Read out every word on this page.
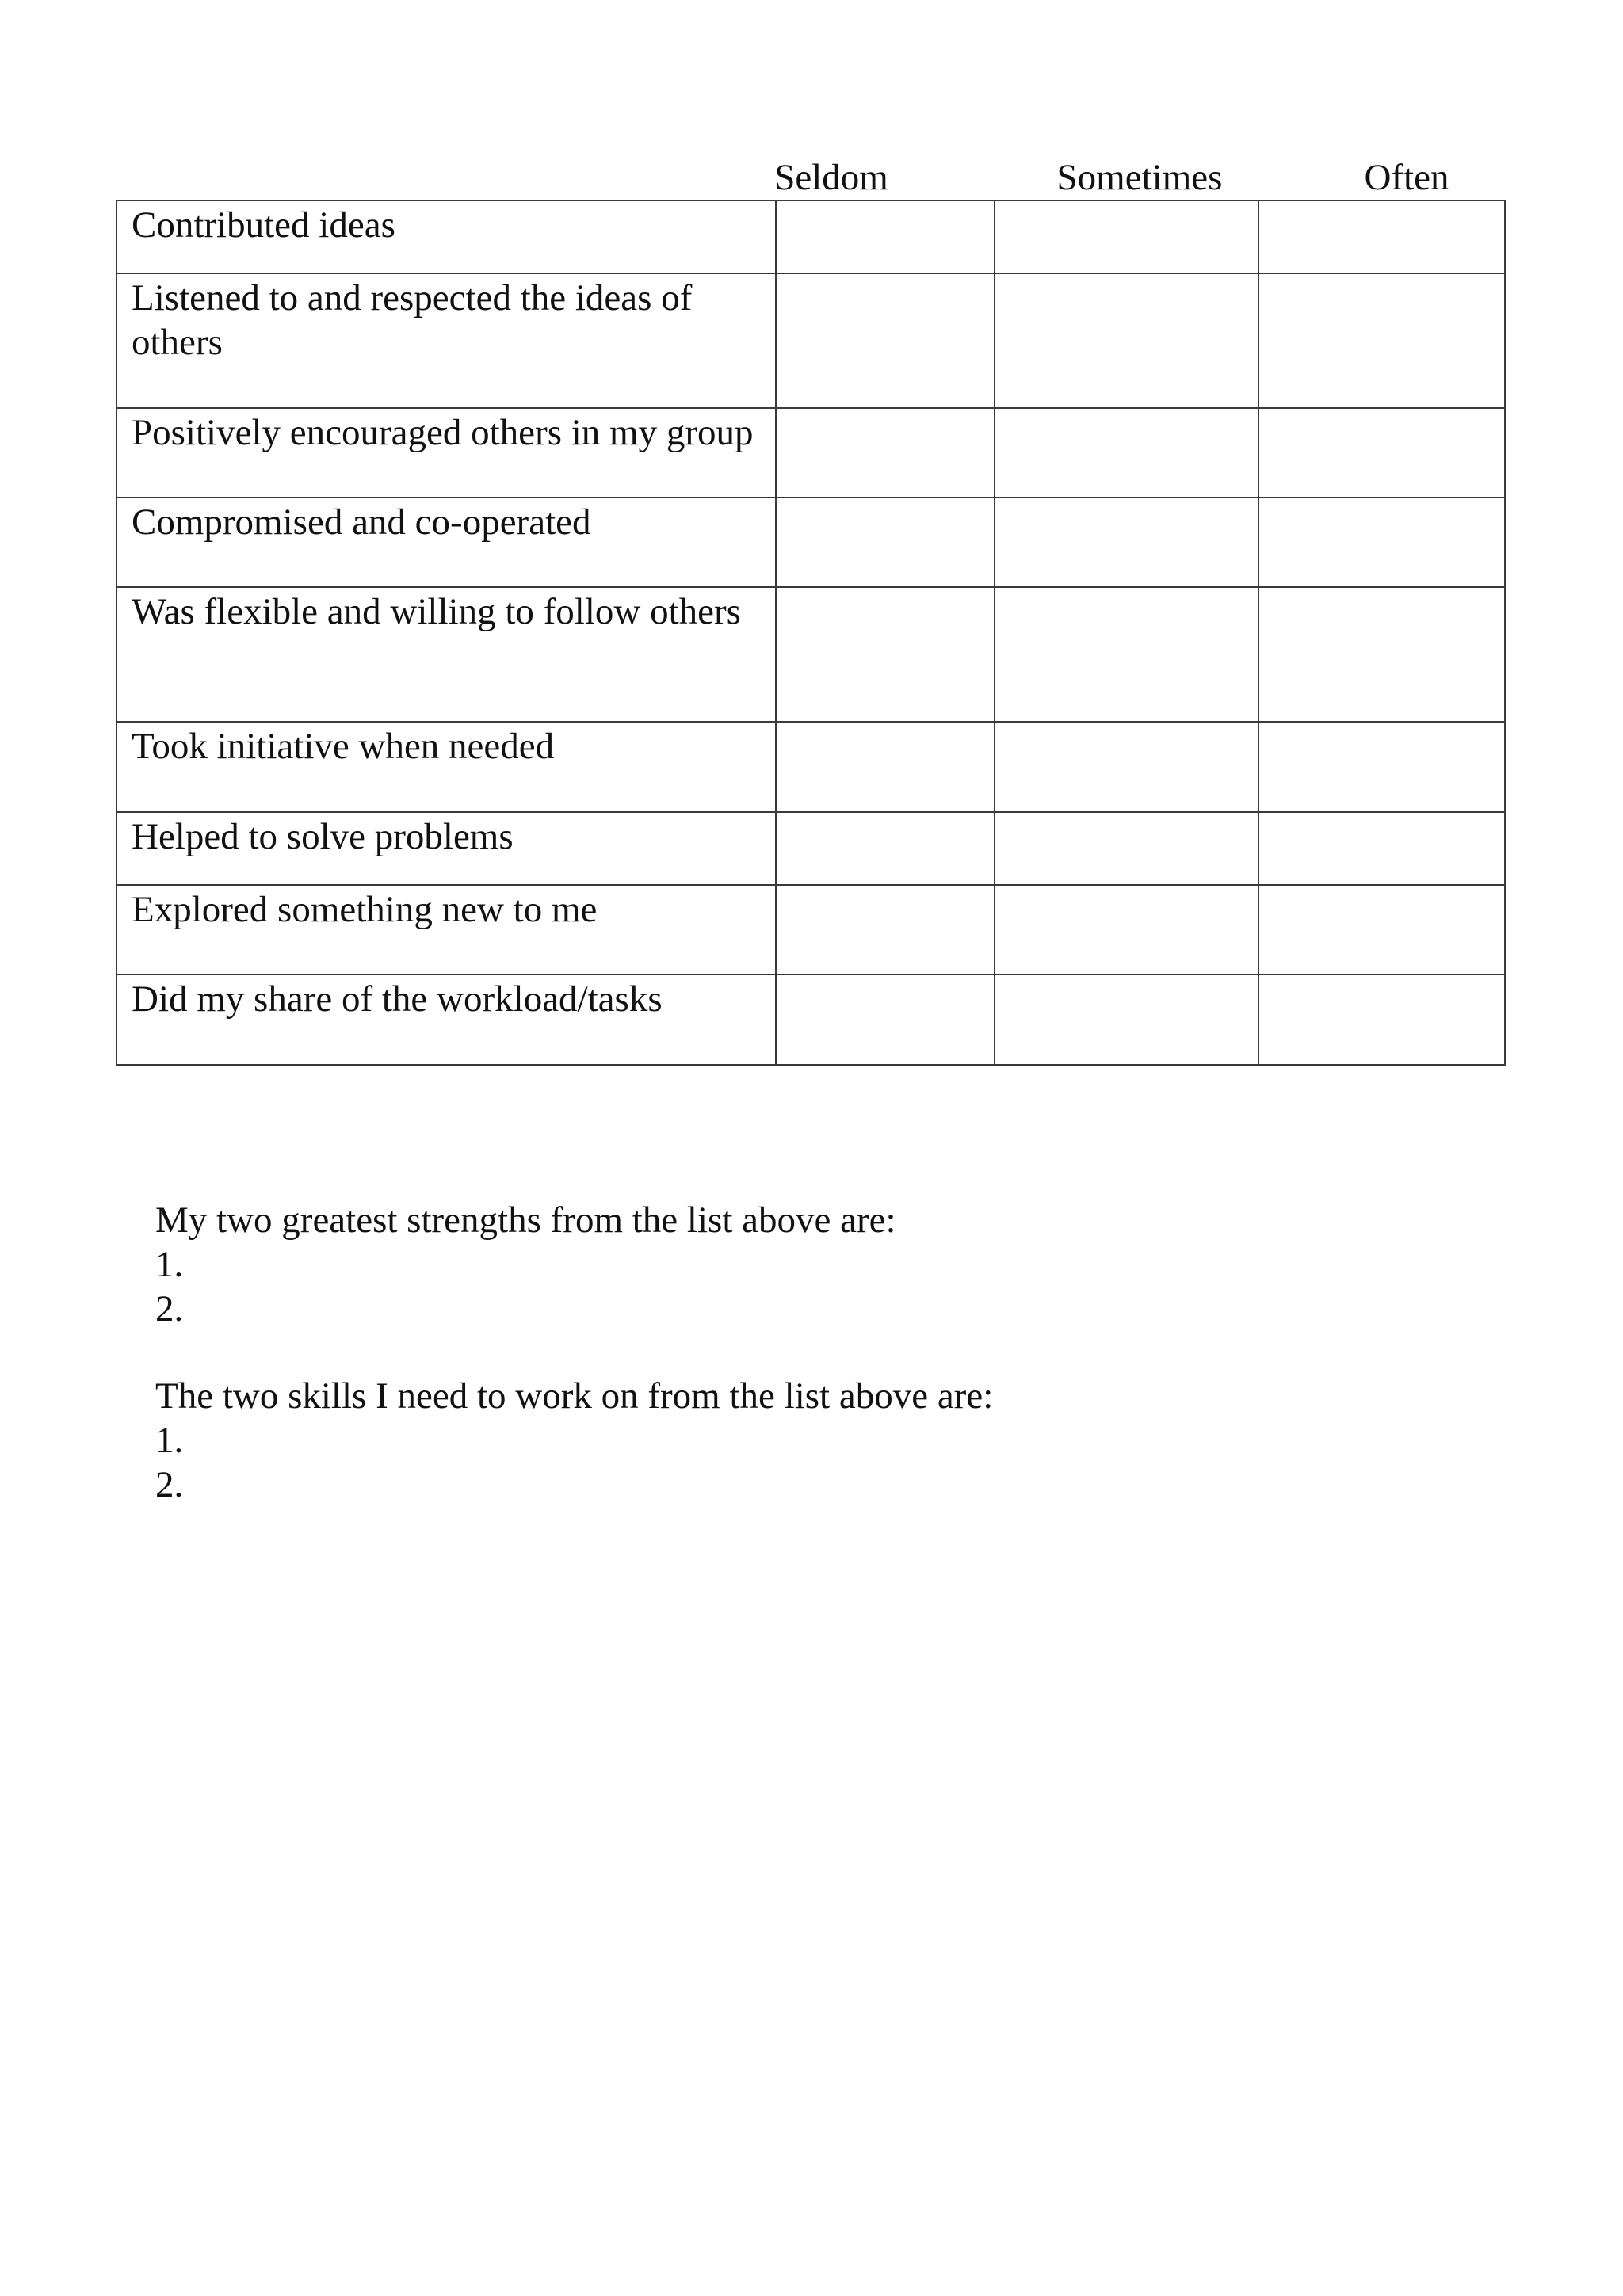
Seldom	Sometimes	Often
Contributed ideas			

Listened to and respected the ideas of others			

Positively encouraged others in my group			

Compromised and co-operated			

Was flexible and willing to follow others			

Took initiative when needed			

Helped to solve problems			

Explored something new to me			

Did my share of the workload/tasks			

My two greatest strengths from the list above are:
1.
2.
The two skills I need to work on from the list above are:
1.
2.
